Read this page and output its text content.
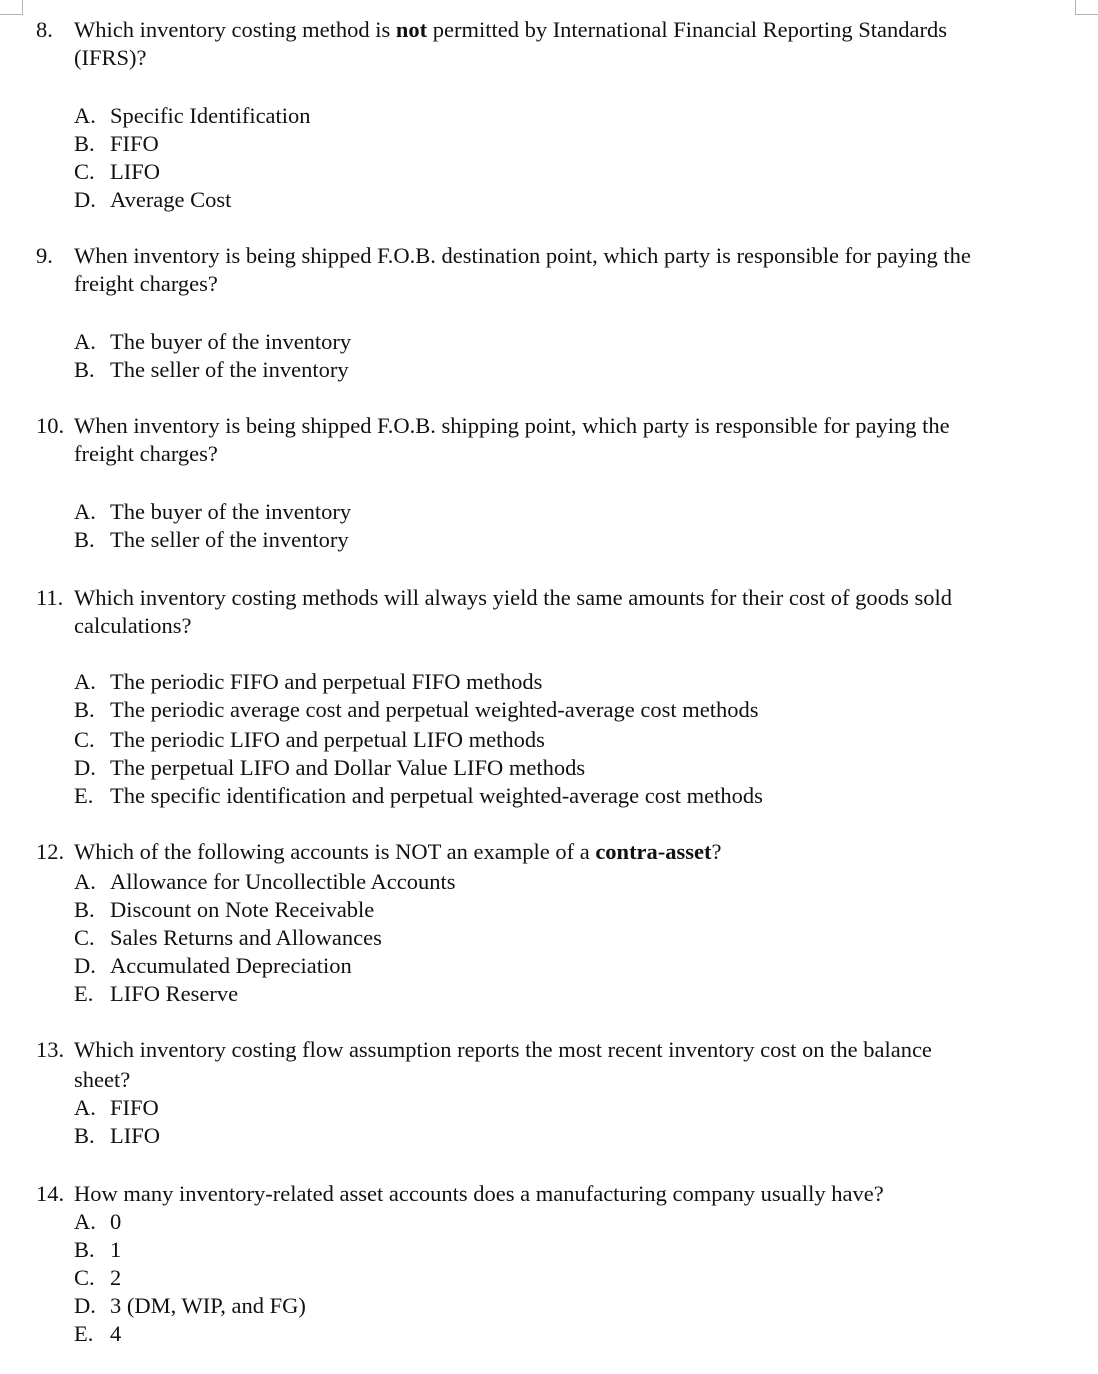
8. Which inventory costing method is not permitted by International Financial Reporting Standards
(IFRS)?
A. Specific Identification
B. FIFO
C. LIFO
D. Average Cost
9. When inventory is being shipped F.O.B. destination point, which party is responsible for paying the
freight charges?
A. The buyer of the inventory
B. The seller of the inventory
10. When inventory is being shipped F.O.B. shipping point, which party is responsible for paying the
freight charges?
A. The buyer of the inventory
B. The seller of the inventory
11. Which inventory costing methods will always yield the same amounts for their cost of goods sold
calculations?
A. The periodic FIFO and perpetual FIFO methods
B. The periodic average cost and perpetual weighted-average cost methods
C. The periodic LIFO and perpetual LIFO methods
D. The perpetual LIFO and Dollar Value LIFO methods
E. The specific identification and perpetual weighted-average cost methods
12. Which of the following accounts is NOT an example of a contra-asset?
A. Allowance for Uncollectible Accounts
B. Discount on Note Receivable
C. Sales Returns and Allowances
D. Accumulated Depreciation
E. LIFO Reserve
13. Which inventory costing flow assumption reports the most recent inventory cost on the balance
sheet?
A. FIFO
B. LIFO
14. How many inventory-related asset accounts does a manufacturing company usually have?
A. 0
B. 1
C. 2
D. 3 (DM, WIP, and FG)
E. 4
